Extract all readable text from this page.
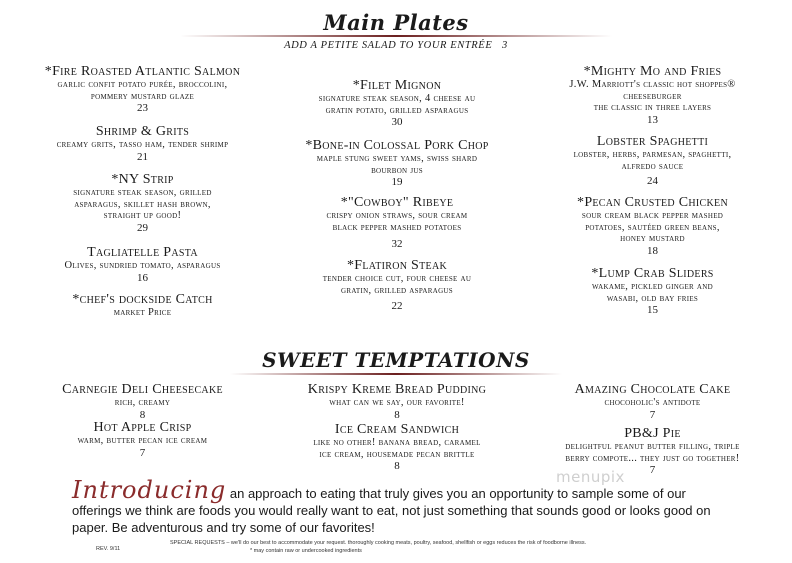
Main Plates
ADD A PETITE SALAD TO YOUR ENTRÉE 3
*Fire Roasted Atlantic Salmon
garlic confit potato purée, broccolini,
pommery mustard glaze
23
Shrimp & Grits
creamy grits, tasso ham, tender shrimp
21
*NY Strip
signature steak season, grilled
asparagus, skillet hash brown,
straight up good!
29
Tagliatelle Pasta
Olives, sundried tomato, asparagus
16
*chef's dockside Catch
market Price
*Filet Mignon
signature steak season, 4 cheese au
gratin potato, grilled asparagus
30
*Bone-in Colossal Pork Chop
maple stung sweet yams, swiss shard
bourbon jus
19
*"Cowboy" Ribeye
crispy onion straws, sour cream
black pepper mashed potatoes
32
*Flatiron Steak
tender choice cut, four cheese au
gratin, grilled asparagus
22
*Mighty Mo and Fries
J.W. Marriott's classic hot shoppes®
cheeseburger
the classic in three layers
13
Lobster Spaghetti
lobster, herbs, parmesan, spaghetti,
alfredo sauce
24
*Pecan Crusted Chicken
sour cream black pepper mashed
potatoes, sautéed green beans,
honey mustard
18
*Lump Crab Sliders
wakame, pickled ginger and
wasabi, old bay fries
15
SWEET TEMPTATIONS
Carnegie Deli Cheesecake
rich, creamy
8
Hot Apple Crisp
warm, butter pecan ice cream
7
Krispy Kreme Bread Pudding
what can we say, our favorite!
8
Ice Cream Sandwich
like no other! banana bread, caramel
ice cream, housemade pecan brittle
8
Amazing Chocolate Cake
chocoholic's antidote
7
PB&J Pie
delightful peanut butter filling, triple
berry compote... they just go together!
7
menupix
Introducing an approach to eating that truly gives you an opportunity to sample some of our offerings we think are foods you would really want to eat, not just something that sounds good or looks good on paper. Be adventurous and try some of our favorites!
REV. 9/11
SPECIAL REQUESTS – we'll do our best to accommodate your request. thoroughly cooking meats, poultry, seafood, shellfish or eggs reduces the risk of foodborne illness.
* may contain raw or undercooked ingredients
